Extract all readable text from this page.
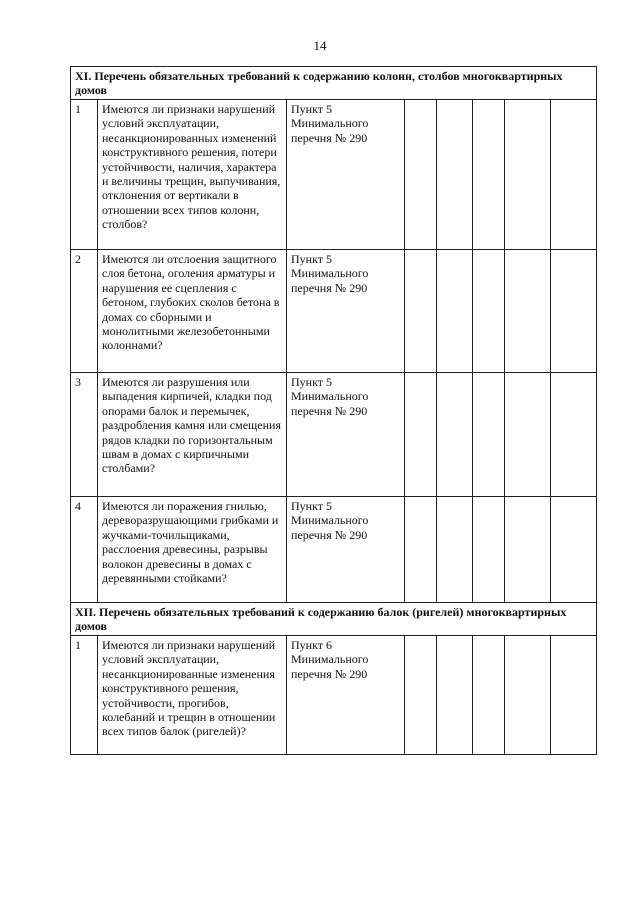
14
XI. Перечень обязательных требований к содержанию колонн, столбов многоквартирных домов							
1	Имеются ли признаки нарушений условий эксплуатации, несанкционированных изменений конструктивного решения, потери устойчивости, наличия, характера и величины трещин, выпучивания, отклонения от вертикали в отношении всех типов колонн, столбов?	Пункт 5 Минимального перечня № 290					
2	Имеются ли отслоения защитного слоя бетона, оголения арматуры и нарушения ее сцепления с бетоном, глубоких сколов бетона в домах со сборными и монолитными железобетонными колоннами?	Пункт 5 Минимального перечня № 290					
3	Имеются ли разрушения или выпадения кирпичей, кладки под опорами балок и перемычек, раздробления камня или смещения рядов кладки по горизонтальным швам в домах с кирпичными столбами?	Пункт 5 Минимального перечня № 290					
4	Имеются ли поражения гнилью, дереворазрушающими грибками и жучками-точильщиками, расслоения древесины, разрывы волокон древесины в домах с деревянными стойками?	Пункт 5 Минимального перечня № 290					
XII. Перечень обязательных требований к содержанию балок (ригелей) многоквартирных домов							
1	Имеются ли признаки нарушений условий эксплуатации, несанкционированные изменения конструктивного решения, устойчивости, прогибов, колебаний и трещин в отношении всех типов балок (ригелей)?	Пункт 6 Минимального перечня № 290					
